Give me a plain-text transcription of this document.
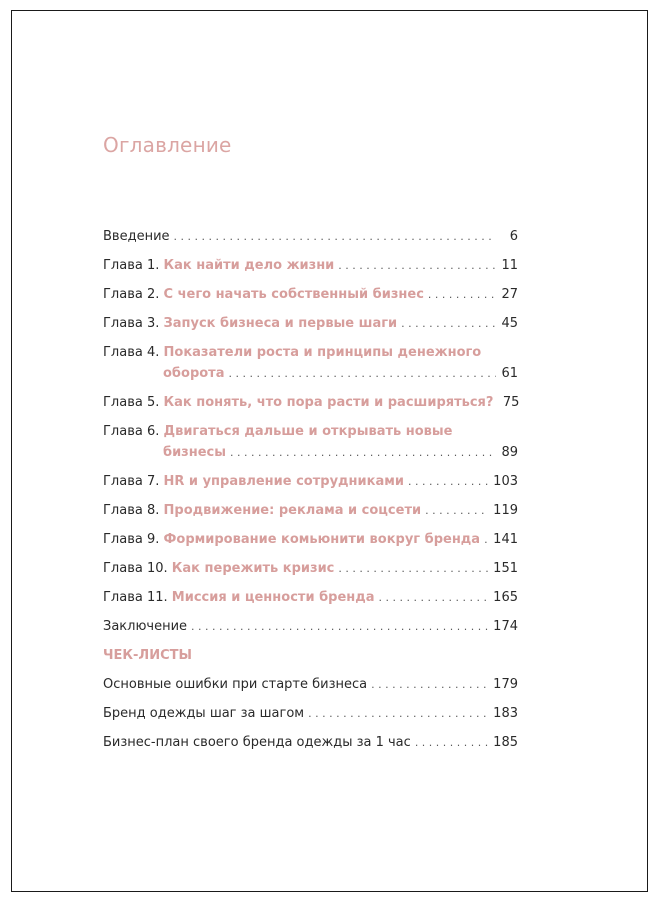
Оглавление
Введение . . .	6
Глава 1. Как найти дело жизни . . .	11
Глава 2. С чего начать собственный бизнес . . .	27
Глава 3. Запуск бизнеса и первые шаги . . .	45
Глава 4. Показатели роста и принципы денежного
оборота . . .	61
Глава 5. Как понять, что пора расти и расширяться? 75
Глава 6. Двигаться дальше и открывать новые
бизнесы . . .	89
Глава 7. HR и управление сотрудниками . . .	103
Глава 8. Продвижение: реклама и соцсети . . .	119
Глава 9. Формирование комьюнити вокруг бренда . . . 141
Глава 10. Как пережить кризис . . .	151
Глава 11. Миссия и ценности бренда . . .	165
Заключение . . .	174
ЧЕК-ЛИСТЫ
Основные ошибки при старте бизнеса . . .	179
Бренд одежды шаг за шагом . . .	183
Бизнес-план своего бренда одежды за 1 час . . .	185
